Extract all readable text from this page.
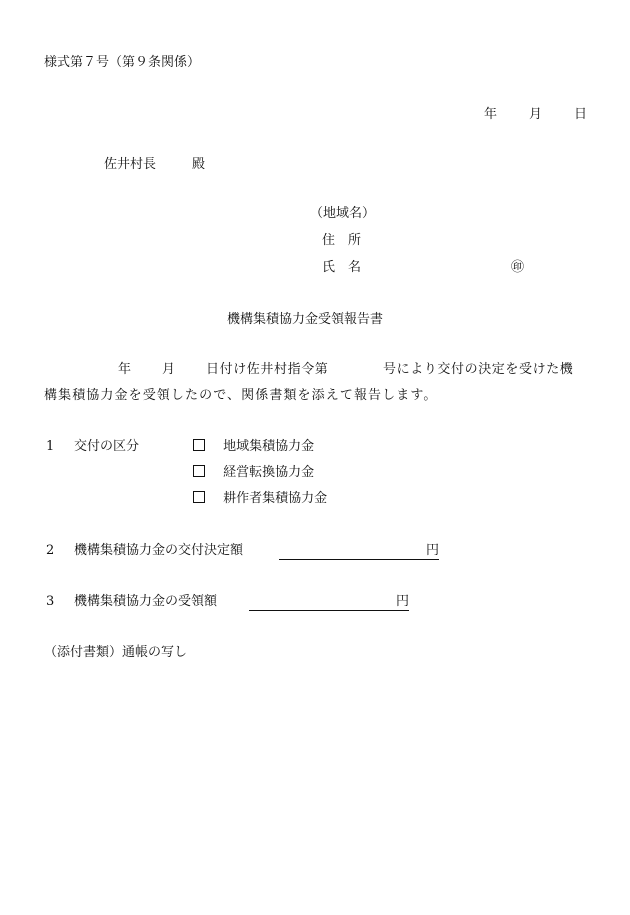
様式第７号（第９条関係）
年 月 日
佐井村長	殿
（地域名）
住　所
氏　名	㊞
機構集積協力金受領報告書
年 月 日付け佐井村指令第	号により交付の決定を受けた機
構集積協力金を受領したので、関係書類を添えて報告します。
1 交付の区分	地域集積協力金
経営転換協力金
耕作者集積協力金
2 機構集積協力金の交付決定額	円
3 機構集積協力金の受領額	円
（添付書類）通帳の写し
